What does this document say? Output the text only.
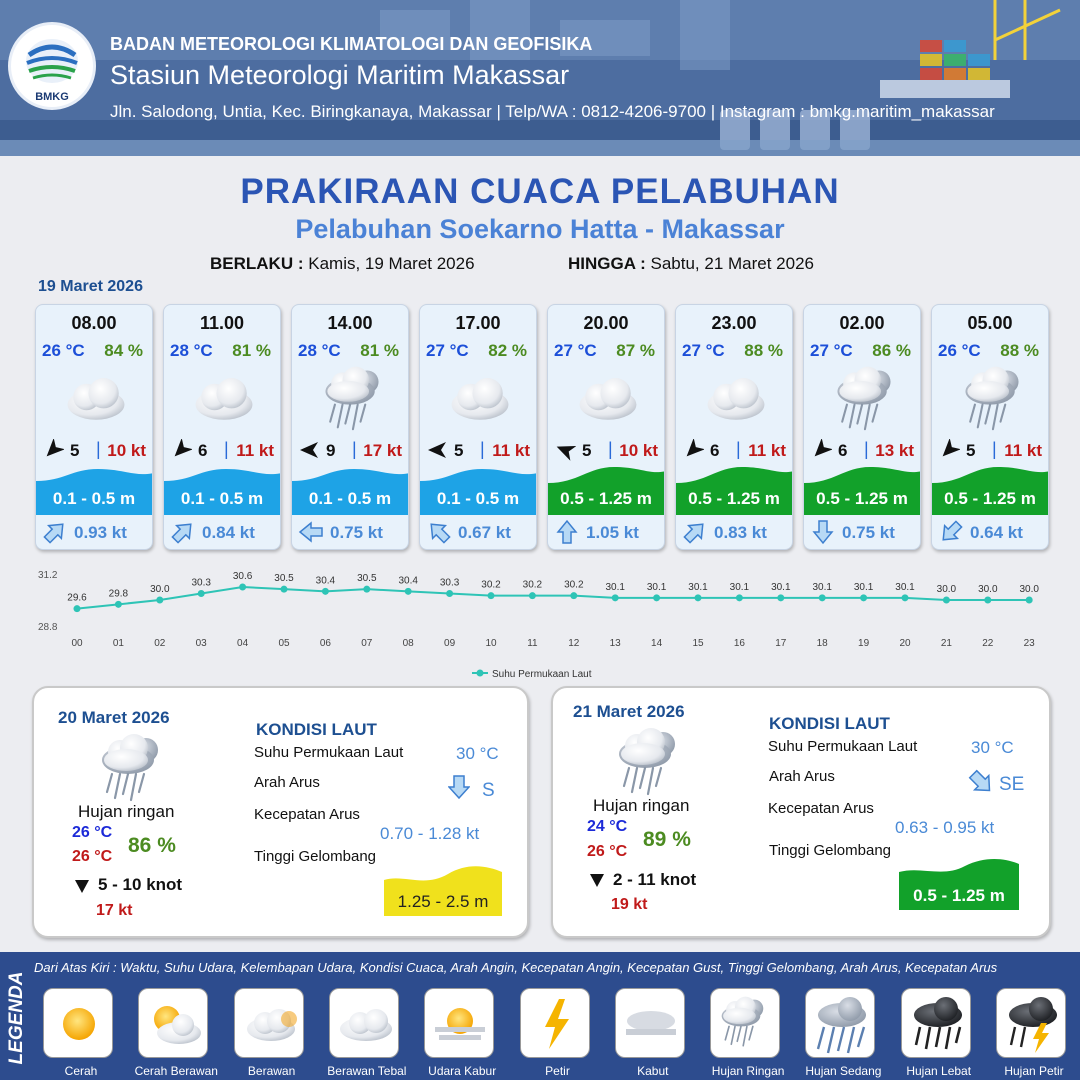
BMKG
BADAN METEOROLOGI KLIMATOLOGI DAN GEOFISIKA
Stasiun Meteorologi Maritim Makassar
Jln. Salodong, Untia, Kec. Biringkanaya, Makassar | Telp/WA : 0812-4206-9700 | Instagram : bmkg.maritim_makassar
PRAKIRAAN CUACA PELABUHAN
Pelabuhan Soekarno Hatta - Makassar
BERLAKU : Kamis, 19 Maret 2026	HINGGA : Sabtu, 21 Maret 2026
19 Maret 2026
08.00
26 °C 84 %
5 | 10 kt
0.1 - 0.5 m
0.93 kt
11.00
28 °C 81 %
6 | 11 kt
0.1 - 0.5 m
0.84 kt
14.00
28 °C 81 %
9 | 17 kt
0.1 - 0.5 m
0.75 kt
17.00
27 °C 82 %
5 | 11 kt
0.1 - 0.5 m
0.67 kt
20.00
27 °C 87 %
5 | 10 kt
0.5 - 1.25 m
1.05 kt
23.00
27 °C 88 %
6 | 11 kt
0.5 - 1.25 m
0.83 kt
02.00
27 °C 86 %
6 | 13 kt
0.5 - 1.25 m
0.75 kt
05.00
26 °C 88 %
5 | 11 kt
0.5 - 1.25 m
0.64 kt
31.2
28.8
29.6
00
29.8
01
30.0
02
30.3
03
30.6
04
30.5
05
30.4
06
30.5
07
30.4
08
30.3
09
30.2
10
30.2
11
30.2
12
30.1
13
30.1
14
30.1
15
30.1
16
30.1
17
30.1
18
30.1
19
30.1
20
30.0
21
30.0
22
30.0
23
Suhu Permukaan Laut
20 Maret 2026
Hujan ringan
26 °C
26 °C 86 %
5 - 10 knot
17 kt
KONDISI LAUT
Suhu Permukaan Laut	30 °C
Arah Arus	S
Kecepatan Arus
0.70 - 1.28 kt
Tinggi Gelombang
1.25 - 2.5 m
21 Maret 2026
Hujan ringan
24 °C
26 °C
89 %
2 - 11 knot
19 kt
KONDISI LAUT
Suhu Permukaan Laut	30 °C
Arah Arus	SE
Kecepatan Arus
0.63 - 0.95 kt
Tinggi Gelombang
0.5 - 1.25 m
LEGENDA
Dari Atas Kiri : Waktu, Suhu Udara, Kelembapan Udara, Kondisi Cuaca, Arah Angin, Kecepatan Angin, Kecepatan Gust, Tinggi Gelombang, Arah Arus, Kecepatan Arus
Cerah	Cerah Berawan	Berawan	Berawan Tebal	Udara Kabur	Petir	Kabut	Hujan Ringan	Hujan Sedang	Hujan Lebat	Hujan Petir
